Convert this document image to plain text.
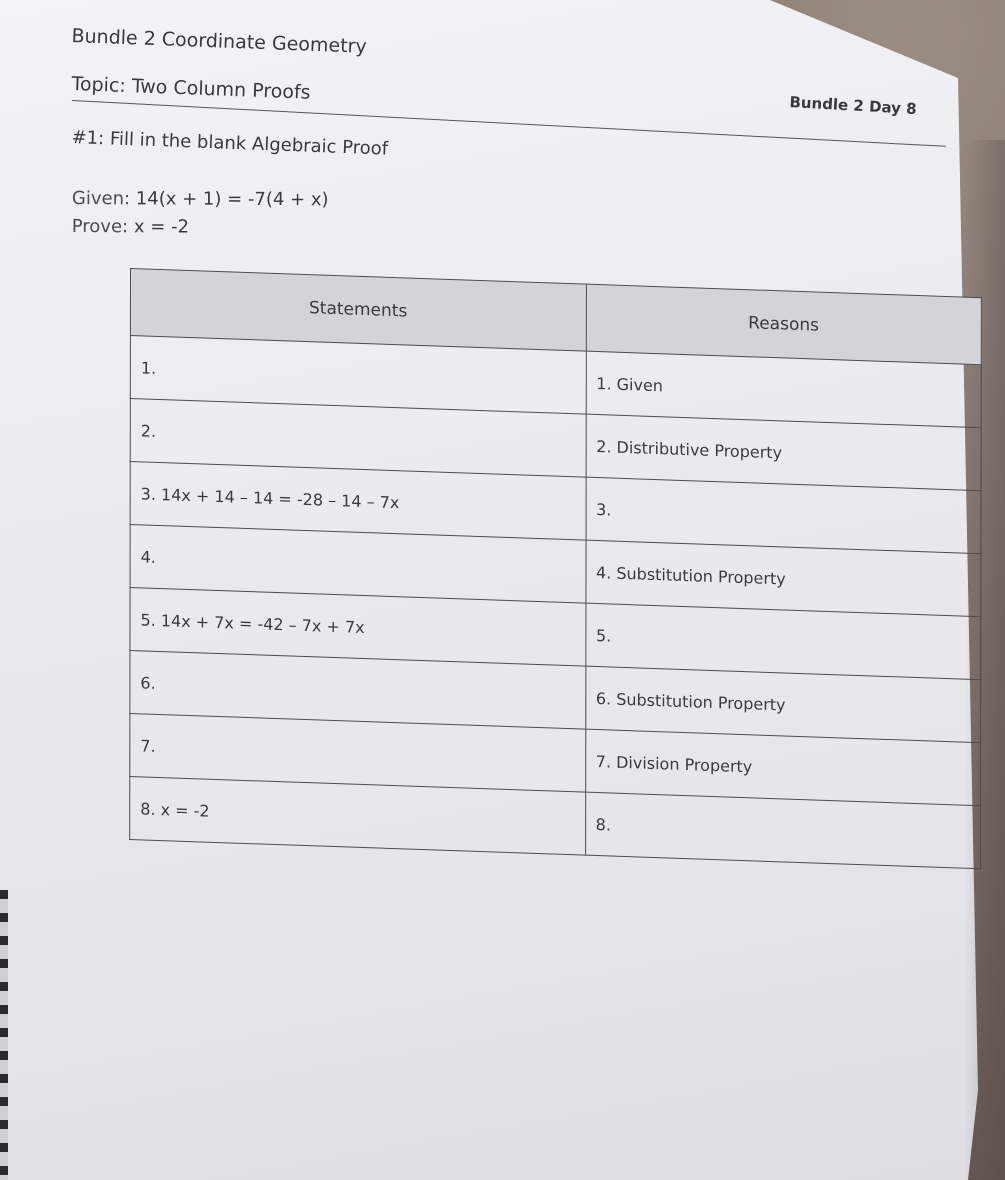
Bundle 2 Coordinate Geometry
Topic: Two Column Proofs
Bundle 2 Day 8
#1: Fill in the blank Algebraic Proof
Given: 14(x + 1) = -7(4 + x)
Prove: x = -2
Statements	Reasons
1.	1. Given
2.	2. Distributive Property
3. 14x + 14 – 14 = -28 – 14 – 7x	3.
4.	4. Substitution Property
5. 14x + 7x = -42 – 7x + 7x	5.
6.	6. Substitution Property
7.	7. Division Property
8. x = -2	8.
